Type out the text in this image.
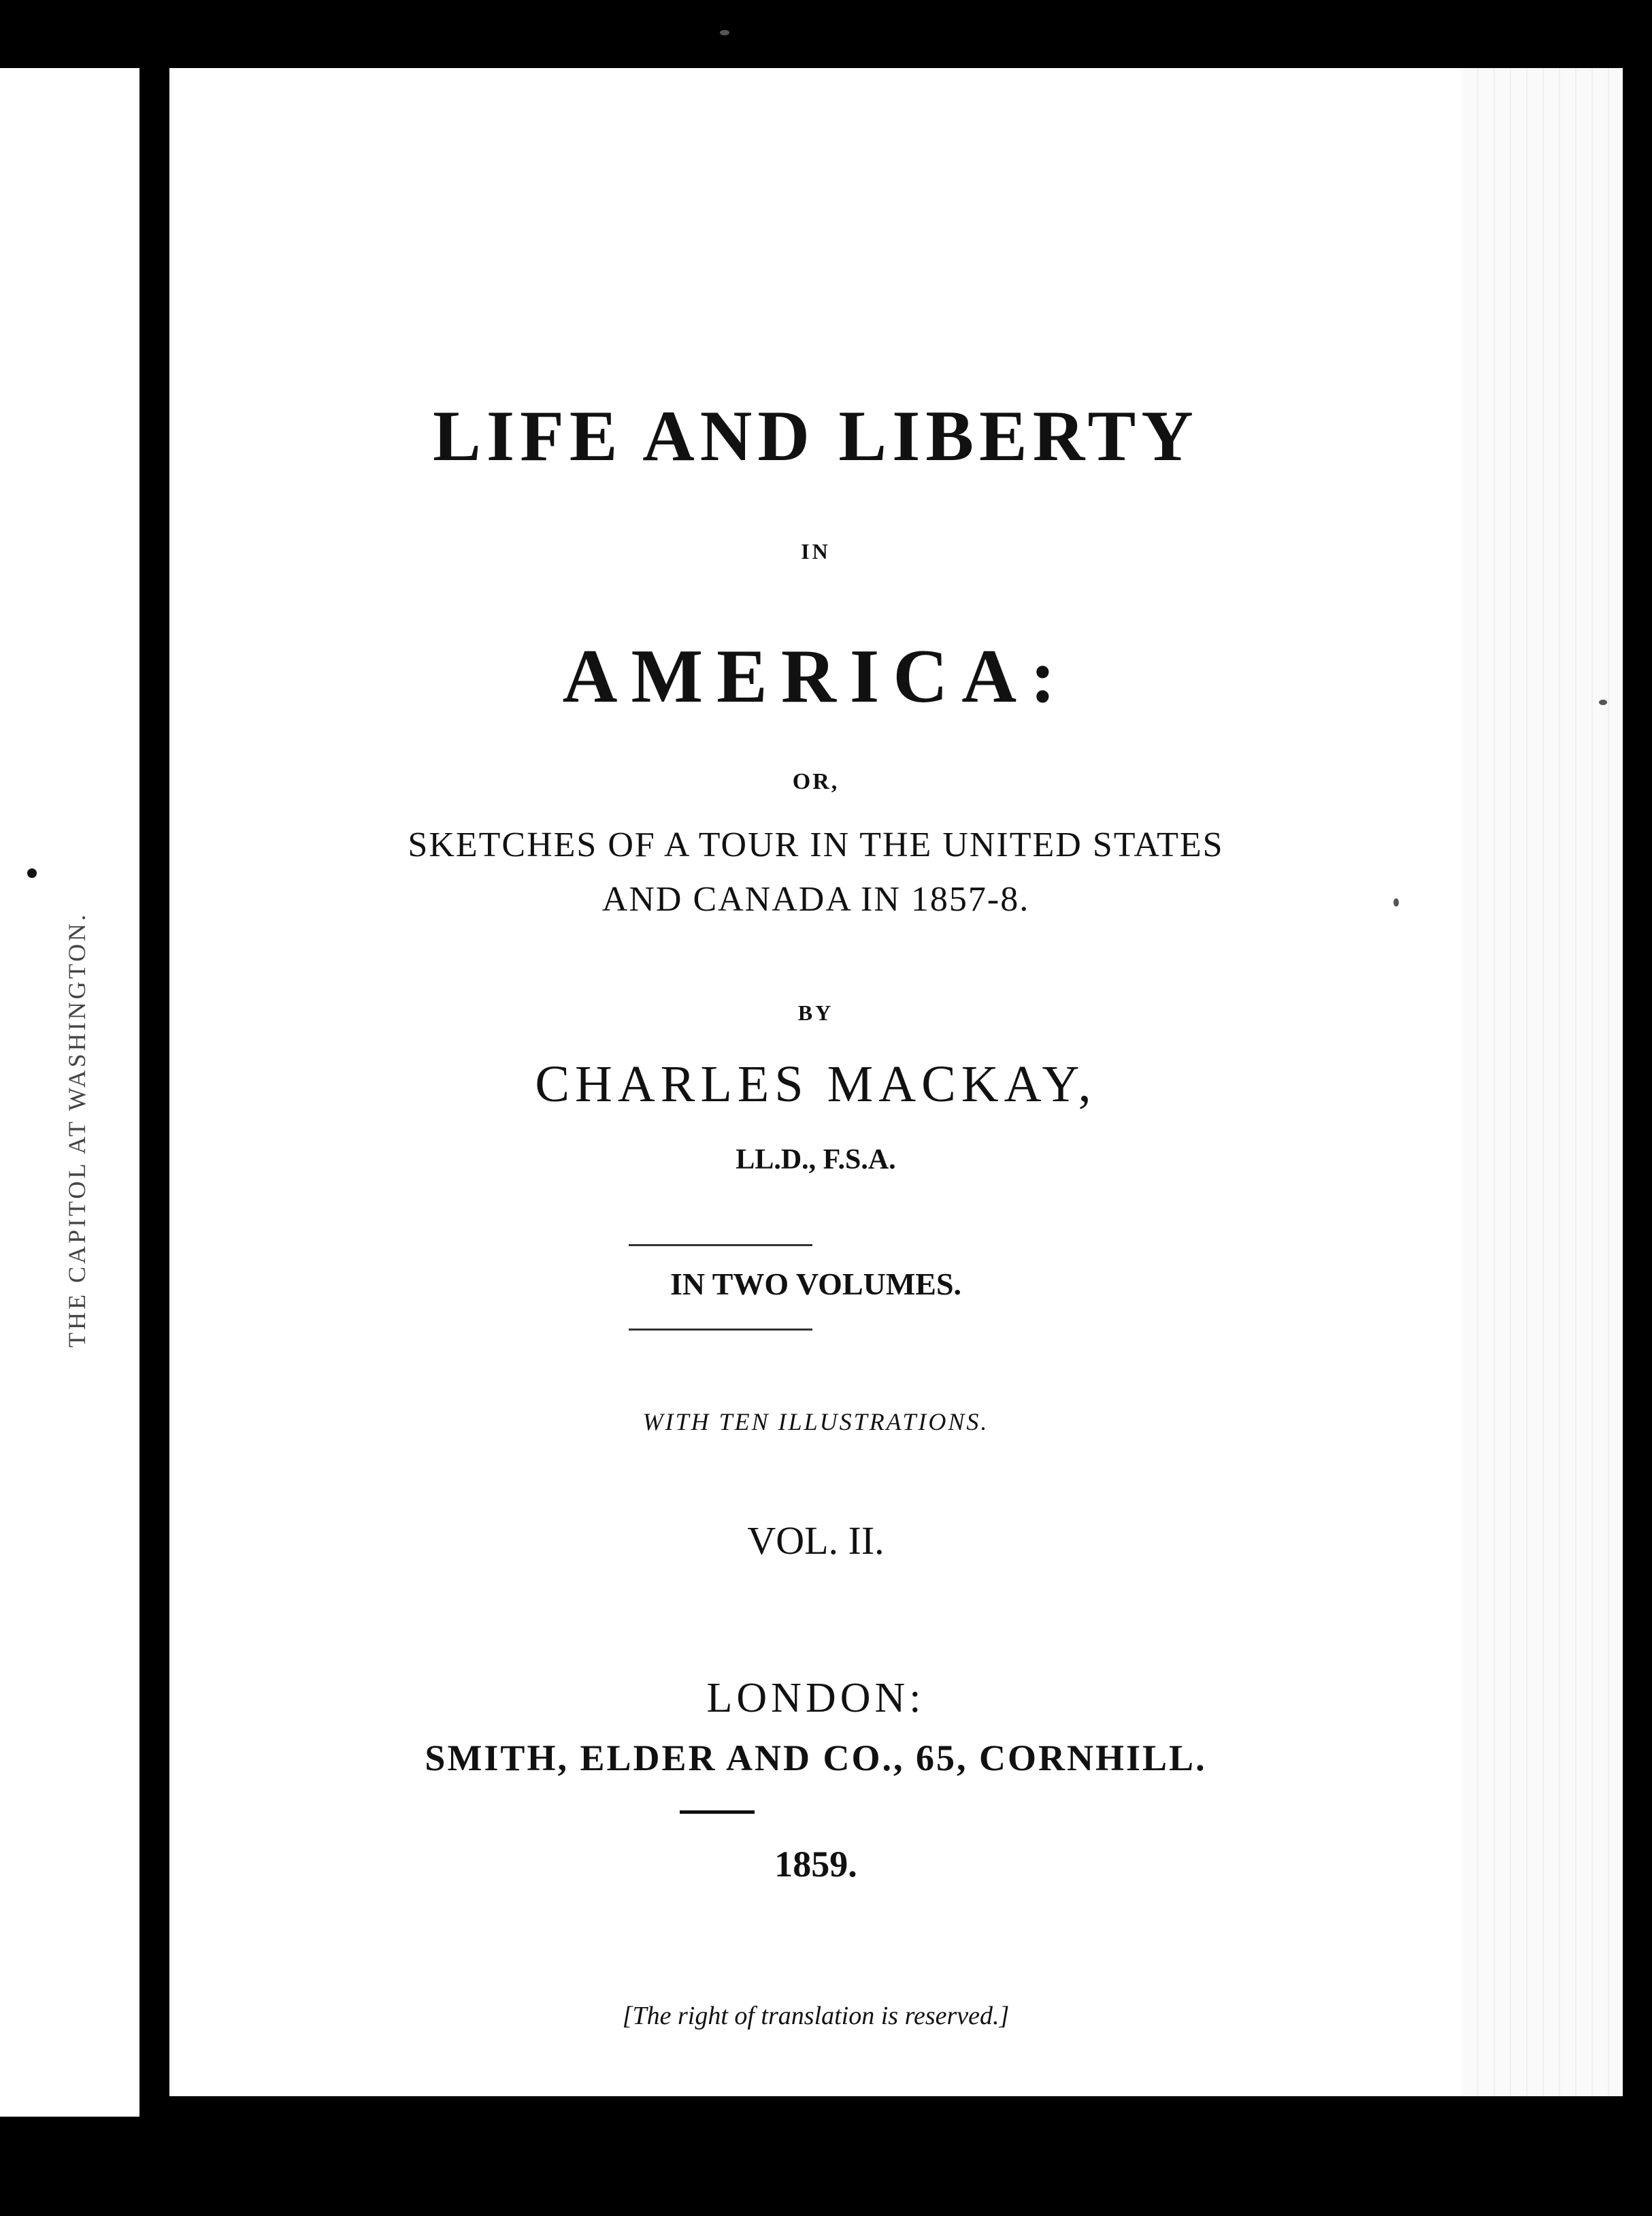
THE CAPITOL AT WASHINGTON.
LIFE AND LIBERTY
IN
AMERICA:
OR,
SKETCHES OF A TOUR IN THE UNITED STATES
AND CANADA IN 1857-8.
BY
CHARLES MACKAY,
LL.D., F.S.A.
IN TWO VOLUMES.
WITH TEN ILLUSTRATIONS.
VOL. II.
LONDON:
SMITH, ELDER AND CO., 65, CORNHILL.
1859.
[The right of translation is reserved.]
